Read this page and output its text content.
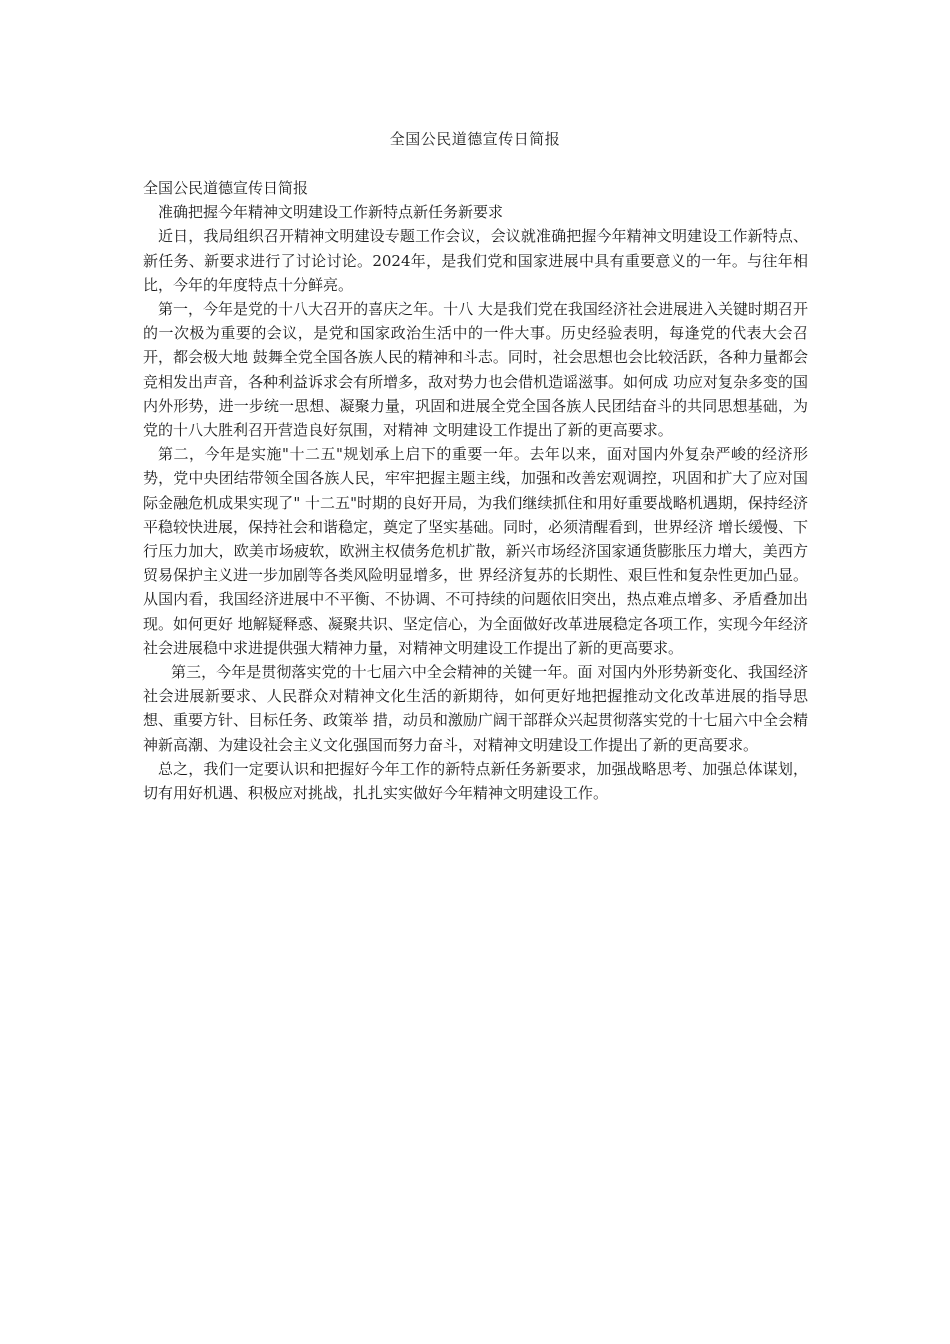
全国公民道德宣传日简报

全国公民道德宣传日简报

准确把握今年精神文明建设工作新特点新任务新要求

近日，我局组织召开精神文明建设专题工作会议，会议就准确把握今年精神文明建设工作新特点、新任务、新要求进行了讨论讨论。2024年，是我们党和国家进展中具有重要意义的一年。与往年相比，今年的年度特点十分鲜亮。

第一，今年是党的十八大召开的喜庆之年。十八 大是我们党在我国经济社会进展进入关键时期召开的一次极为重要的会议，是党和国家政治生活中的一件大事。历史经验表明，每逢党的代表大会召开，都会极大地 鼓舞全党全国各族人民的精神和斗志。同时，社会思想也会比较活跃，各种力量都会竞相发出声音，各种利益诉求会有所增多，敌对势力也会借机造谣滋事。如何成 功应对复杂多变的国内外形势，进一步统一思想、凝聚力量，巩固和进展全党全国各族人民团结奋斗的共同思想基础，为党的十八大胜利召开营造良好氛围，对精神 文明建设工作提出了新的更高要求。

第二，今年是实施"十二五"规划承上启下的重要一年。去年以来，面对国内外复杂严峻的经济形势，党中央团结带领全国各族人民，牢牢把握主题主线，加强和改善宏观调控，巩固和扩大了应对国际金融危机成果实现了" 十二五"时期的良好开局，为我们继续抓住和用好重要战略机遇期，保持经济平稳较快进展，保持社会和谐稳定，奠定了坚实基础。同时，必须清醒看到，世界经济 增长缓慢、下行压力加大，欧美市场疲软，欧洲主权债务危机扩散，新兴市场经济国家通货膨胀压力增大，美西方贸易保护主义进一步加剧等各类风险明显增多，世 界经济复苏的长期性、艰巨性和复杂性更加凸显。从国内看，我国经济进展中不平衡、不协调、不可持续的问题依旧突出，热点难点增多、矛盾叠加出现。如何更好 地解疑释惑、凝聚共识、坚定信心，为全面做好改革进展稳定各项工作，实现今年经济社会进展稳中求进提供强大精神力量，对精神文明建设工作提出了新的更高要求。

第三，今年是贯彻落实党的十七届六中全会精神的关键一年。面 对国内外形势新变化、我国经济社会进展新要求、人民群众对精神文化生活的新期待，如何更好地把握推动文化改革进展的指导思想、重要方针、目标任务、政策举 措，动员和激励广阔干部群众兴起贯彻落实党的十七届六中全会精神新高潮、为建设社会主义文化强国而努力奋斗，对精神文明建设工作提出了新的更高要求。

总之，我们一定要认识和把握好今年工作的新特点新任务新要求，加强战略思考、加强总体谋划，切有用好机遇、积极应对挑战，扎扎实实做好今年精神文明建设工作。
